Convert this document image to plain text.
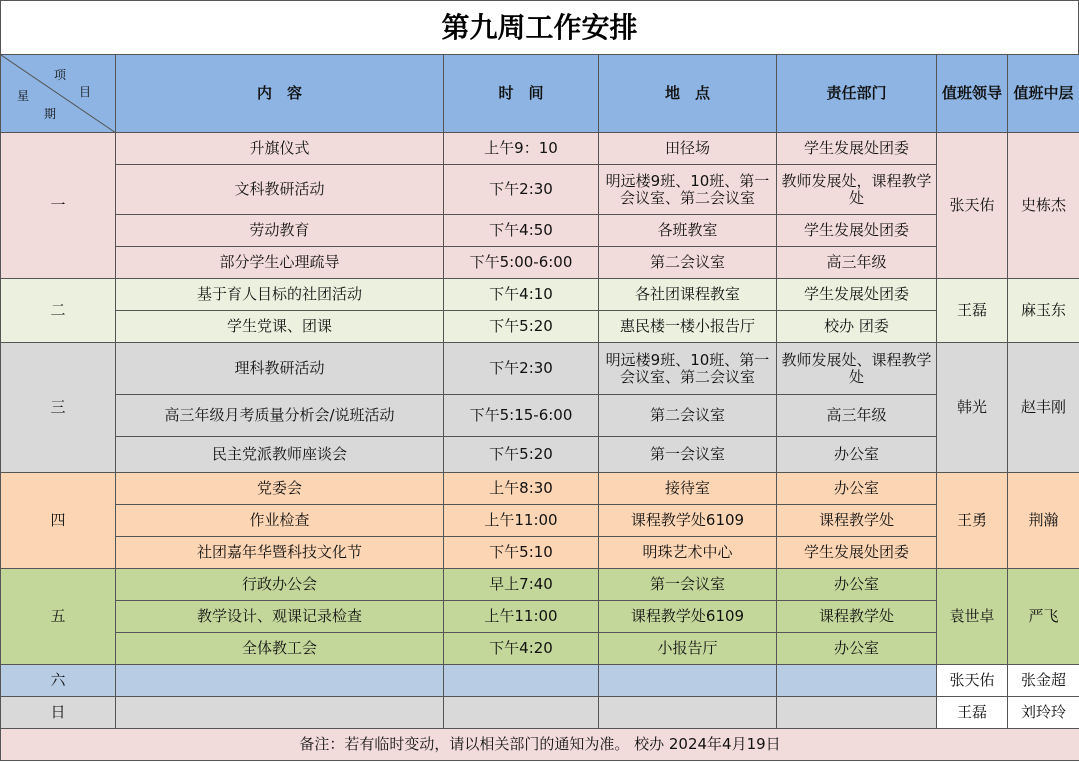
第九周工作安排
项
目
星
期	内　容	时　间	地　点	责任部门	值班领导	值班中层
一	升旗仪式	上午9：10	田径场	学生发展处团委	张天佑	史栋杰
	文科教研活动	下午2:30	明远楼9班、10班、第一会议室、第二会议室	教师发展处，课程教学处		
	劳动教育	下午4:50	各班教室	学生发展处团委		
	部分学生心理疏导	下午5:00-6:00	第二会议室	高三年级		
二	基于育人目标的社团活动	下午4:10	各社团课程教室	学生发展处团委	王磊	麻玉东
	学生党课、团课	下午5:20	惠民楼一楼小报告厅	校办 团委		
三	理科教研活动	下午2:30	明远楼9班、10班、第一会议室、第二会议室	教师发展处、课程教学处	韩光	赵丰刚
	高三年级月考质量分析会/说班活动	下午5:15-6:00	第二会议室	高三年级		
	民主党派教师座谈会	下午5:20	第一会议室	办公室		
四	党委会	上午8:30	接待室	办公室	王勇	荆瀚
	作业检查	上午11:00	课程教学处6109	课程教学处		
	社团嘉年华暨科技文化节	下午5:10	明珠艺术中心	学生发展处团委		
五	行政办公会	早上7:40	第一会议室	办公室	袁世卓	严飞
	教学设计、观课记录检查	上午11:00	课程教学处6109	课程教学处		
	全体教工会	下午4:20	小报告厅	办公室		
六					张天佑	张金超
日					王磊	刘玲玲
备注：若有临时变动，请以相关部门的通知为准。 校办 2024年4月19日						
